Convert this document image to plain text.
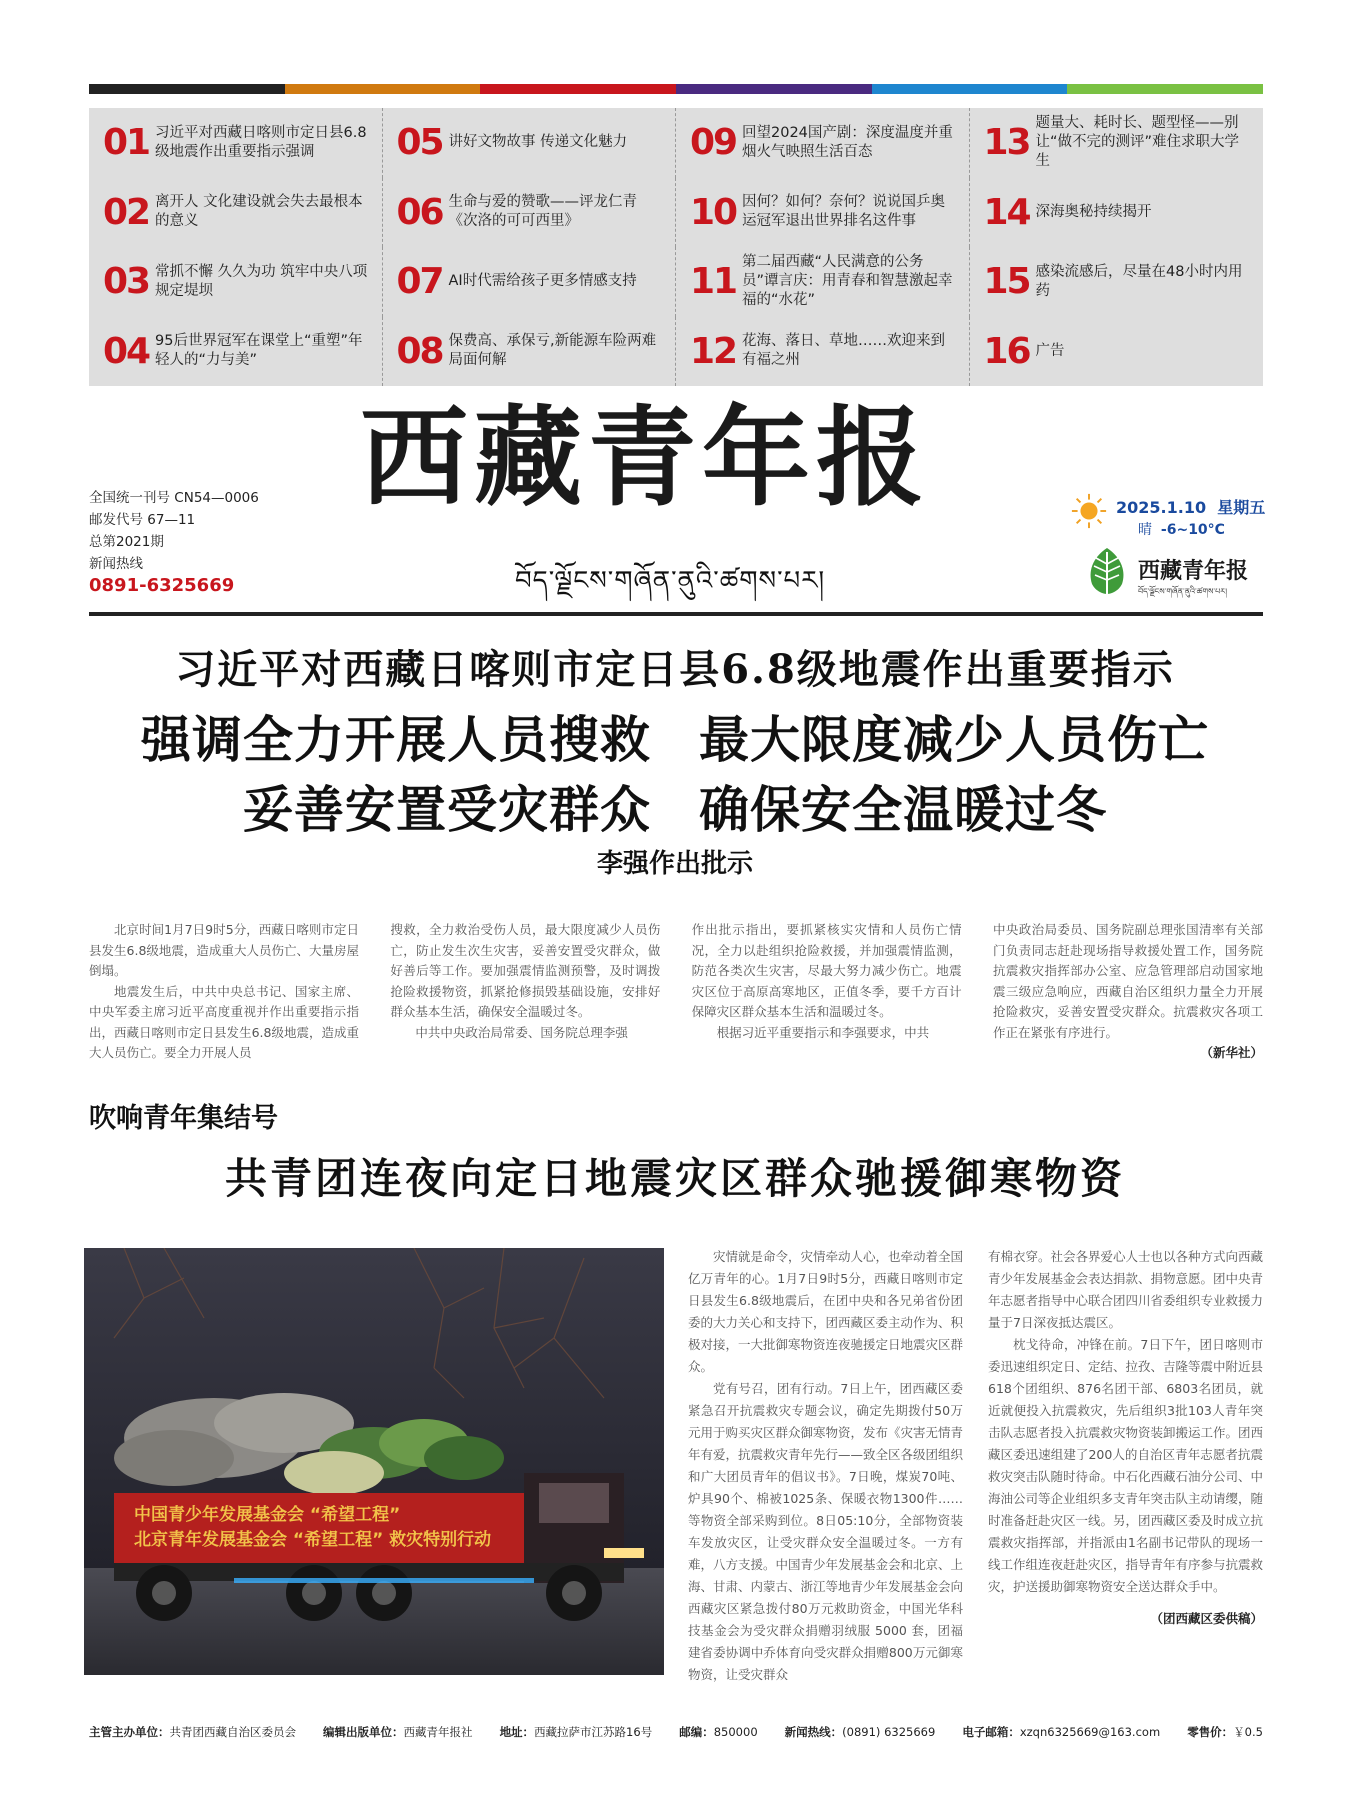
01 习近平对西藏日喀则市定日县6.8级地震作出重要指示强调	05 讲好文物故事 传递文化魅力 09 回望2024国产剧：深度温度并重 烟火气映照生活百态	13 题量大、耗时长、题型怪——别让“做不完的测评”难住求职大学生
02 离开人 文化建设就会失去最根本的意义	06 生命与爱的赞歌——评龙仁青《次洛的可可西里》	10 因何？如何？奈何？说说国乒奥运冠军退出世界排名这件事	14 深海奥秘持续揭开
03 常抓不懈 久久为功 筑牢中央八项规定堤坝	07 AI时代需给孩子更多情感支持 11 第二届西藏“人民满意的公务员”谭言庆：用青春和智慧激起幸福的“水花”	15 感染流感后，尽量在48小时内用药
04 95后世界冠军在课堂上“重塑”年轻人的“力与美”	08 保费高、承保亏,新能源车险两难局面何解	12 花海、落日、草地……欢迎来到有福之州	16 广告
全国统一刊号 CN54—0006
邮发代号 67—11
总第2021期
新闻热线
0891-6325669
西藏青年报
བོད་ལྗོངས་གཞོན་ནུའི་ཚགས་པར།
2025.1.10 星期五
晴 -6~10°C
西藏青年报
བོད་ལྗོངས་གཞོན་ནུའི་ཚགས་པར།
习近平对西藏日喀则市定日县6.8级地震作出重要指示
强调全力开展人员搜救 最大限度减少人员伤亡
妥善安置受灾群众 确保安全温暖过冬
李强作出批示

北京时间1月7日9时5分，西藏日喀则市定日县发生6.8级地震，造成重大人员伤亡、大量房屋倒塌。

地震发生后，中共中央总书记、国家主席、中央军委主席习近平高度重视并作出重要指示指出，西藏日喀则市定日县发生6.8级地震，造成重大人员伤亡。要全力开展人员

搜救，全力救治受伤人员，最大限度减少人员伤亡，防止发生次生灾害，妥善安置受灾群众，做好善后等工作。要加强震情监测预警，及时调拨抢险救援物资，抓紧抢修损毁基础设施，安排好群众基本生活，确保安全温暖过冬。

中共中央政治局常委、国务院总理李强

作出批示指出，要抓紧核实灾情和人员伤亡情况，全力以赴组织抢险救援，并加强震情监测，防范各类次生灾害，尽最大努力减少伤亡。地震灾区位于高原高寒地区，正值冬季，要千方百计保障灾区群众基本生活和温暖过冬。

根据习近平重要指示和李强要求，中共

中央政治局委员、国务院副总理张国清率有关部门负责同志赶赴现场指导救援处置工作，国务院抗震救灾指挥部办公室、应急管理部启动国家地震三级应急响应，西藏自治区组织力量全力开展抢险救灾，妥善安置受灾群众。抗震救灾各项工作正在紧张有序进行。

（新华社）
吹响青年集结号
共青团连夜向定日地震灾区群众驰援御寒物资
中国青少年发展基金会 “希望工程”
北京青年发展基金会 “希望工程” 救灾特别行动

灾情就是命令，灾情牵动人心，也牵动着全国亿万青年的心。1月7日9时5分，西藏日喀则市定日县发生6.8级地震后，在团中央和各兄弟省份团委的大力关心和支持下，团西藏区委主动作为、积极对接，一大批御寒物资连夜驰援定日地震灾区群众。

党有号召，团有行动。7日上午，团西藏区委紧急召开抗震救灾专题会议，确定先期拨付50万元用于购买灾区群众御寒物资，发布《灾害无情青年有爱，抗震救灾青年先行——致全区各级团组织和广大团员青年的倡议书》。7日晚，煤炭70吨、炉具90个、棉被1025条、保暖衣物1300件……等物资全部采购到位。8日05:10分，全部物资装车发放灾区，让受灾群众安全温暖过冬。一方有难，八方支援。中国青少年发展基金会和北京、上海、甘肃、内蒙古、浙江等地青少年发展基金会向西藏灾区紧急拨付80万元救助资金，中国光华科技基金会为受灾群众捐赠羽绒服 5000 套，团福建省委协调中乔体育向受灾群众捐赠800万元御寒物资，让受灾群众

有棉衣穿。社会各界爱心人士也以各种方式向西藏青少年发展基金会表达捐款、捐物意愿。团中央青年志愿者指导中心联合团四川省委组织专业救援力量于7日深夜抵达震区。

枕戈待命，冲锋在前。7日下午，团日喀则市委迅速组织定日、定结、拉孜、吉隆等震中附近县618个团组织、876名团干部、6803名团员，就近就便投入抗震救灾，先后组织3批103人青年突击队志愿者投入抗震救灾物资装卸搬运工作。团西藏区委迅速组建了200人的自治区青年志愿者抗震救灾突击队随时待命。中石化西藏石油分公司、中海油公司等企业组织多支青年突击队主动请缨，随时准备赶赴灾区一线。另，团西藏区委及时成立抗震救灾指挥部，并指派由1名副书记带队的现场一线工作组连夜赶赴灾区，指导青年有序参与抗震救灾，护送援助御寒物资安全送达群众手中。

（团西藏区委供稿）
主管主办单位：共青团西藏自治区委员会 编辑出版单位：西藏青年报社 地址：西藏拉萨市江苏路16号 邮编：850000 新闻热线：(0891) 6325669 电子邮箱：xzqn6325669@163.com 零售价：￥0.5
